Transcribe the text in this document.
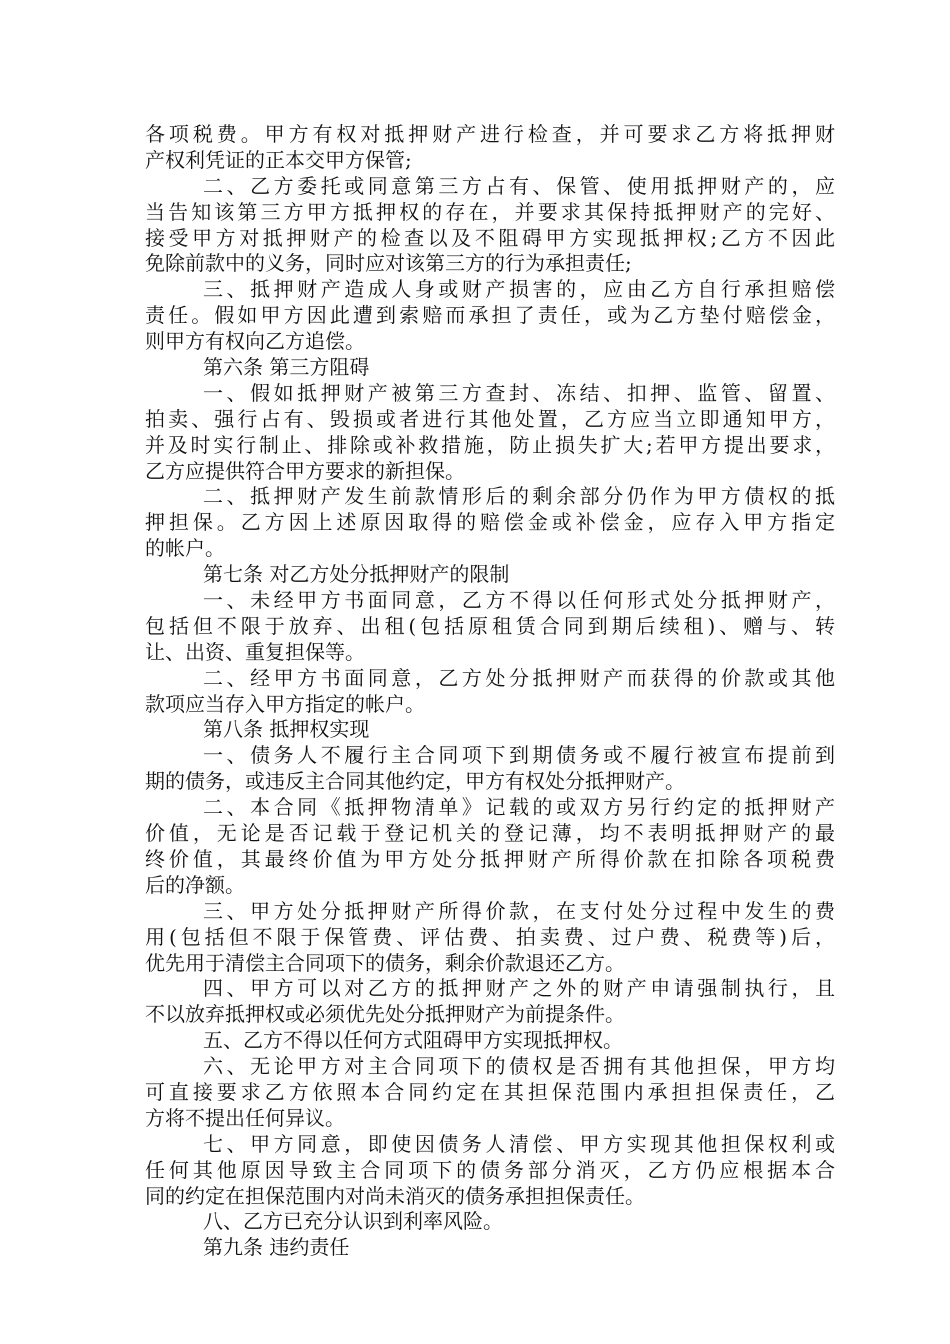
各项税费。甲方有权对抵押财产进行检查，并可要求乙方将抵押财
产权利凭证的正本交甲方保管;
二、乙方委托或同意第三方占有、保管、使用抵押财产的，应
当告知该第三方甲方抵押权的存在，并要求其保持抵押财产的完好、
接受甲方对抵押财产的检查以及不阻碍甲方实现抵押权;乙方不因此
免除前款中的义务，同时应对该第三方的行为承担责任;
三、抵押财产造成人身或财产损害的，应由乙方自行承担赔偿
责任。假如甲方因此遭到索赔而承担了责任，或为乙方垫付赔偿金，
则甲方有权向乙方追偿。
第六条 第三方阻碍
一、假如抵押财产被第三方查封、冻结、扣押、监管、留置、
拍卖、强行占有、毁损或者进行其他处置，乙方应当立即通知甲方，
并及时实行制止、排除或补救措施，防止损失扩大;若甲方提出要求，
乙方应提供符合甲方要求的新担保。
二、抵押财产发生前款情形后的剩余部分仍作为甲方债权的抵
押担保。乙方因上述原因取得的赔偿金或补偿金，应存入甲方指定
的帐户。
第七条 对乙方处分抵押财产的限制
一、未经甲方书面同意，乙方不得以任何形式处分抵押财产，
包括但不限于放弃、出租(包括原租赁合同到期后续租)、赠与、转
让、出资、重复担保等。
二、经甲方书面同意，乙方处分抵押财产而获得的价款或其他
款项应当存入甲方指定的帐户。
第八条 抵押权实现
一、债务人不履行主合同项下到期债务或不履行被宣布提前到
期的债务，或违反主合同其他约定，甲方有权处分抵押财产。
二、本合同《抵押物清单》记载的或双方另行约定的抵押财产
价值，无论是否记载于登记机关的登记薄，均不表明抵押财产的最
终价值，其最终价值为甲方处分抵押财产所得价款在扣除各项税费
后的净额。
三、甲方处分抵押财产所得价款，在支付处分过程中发生的费
用(包括但不限于保管费、评估费、拍卖费、过户费、税费等)后，
优先用于清偿主合同项下的债务，剩余价款退还乙方。
四、甲方可以对乙方的抵押财产之外的财产申请强制执行，且
不以放弃抵押权或必须优先处分抵押财产为前提条件。
五、乙方不得以任何方式阻碍甲方实现抵押权。
六、无论甲方对主合同项下的债权是否拥有其他担保，甲方均
可直接要求乙方依照本合同约定在其担保范围内承担担保责任，乙
方将不提出任何异议。
七、甲方同意，即使因债务人清偿、甲方实现其他担保权利或
任何其他原因导致主合同项下的债务部分消灭，乙方仍应根据本合
同的约定在担保范围内对尚未消灭的债务承担担保责任。
八、乙方已充分认识到利率风险。
第九条 违约责任
